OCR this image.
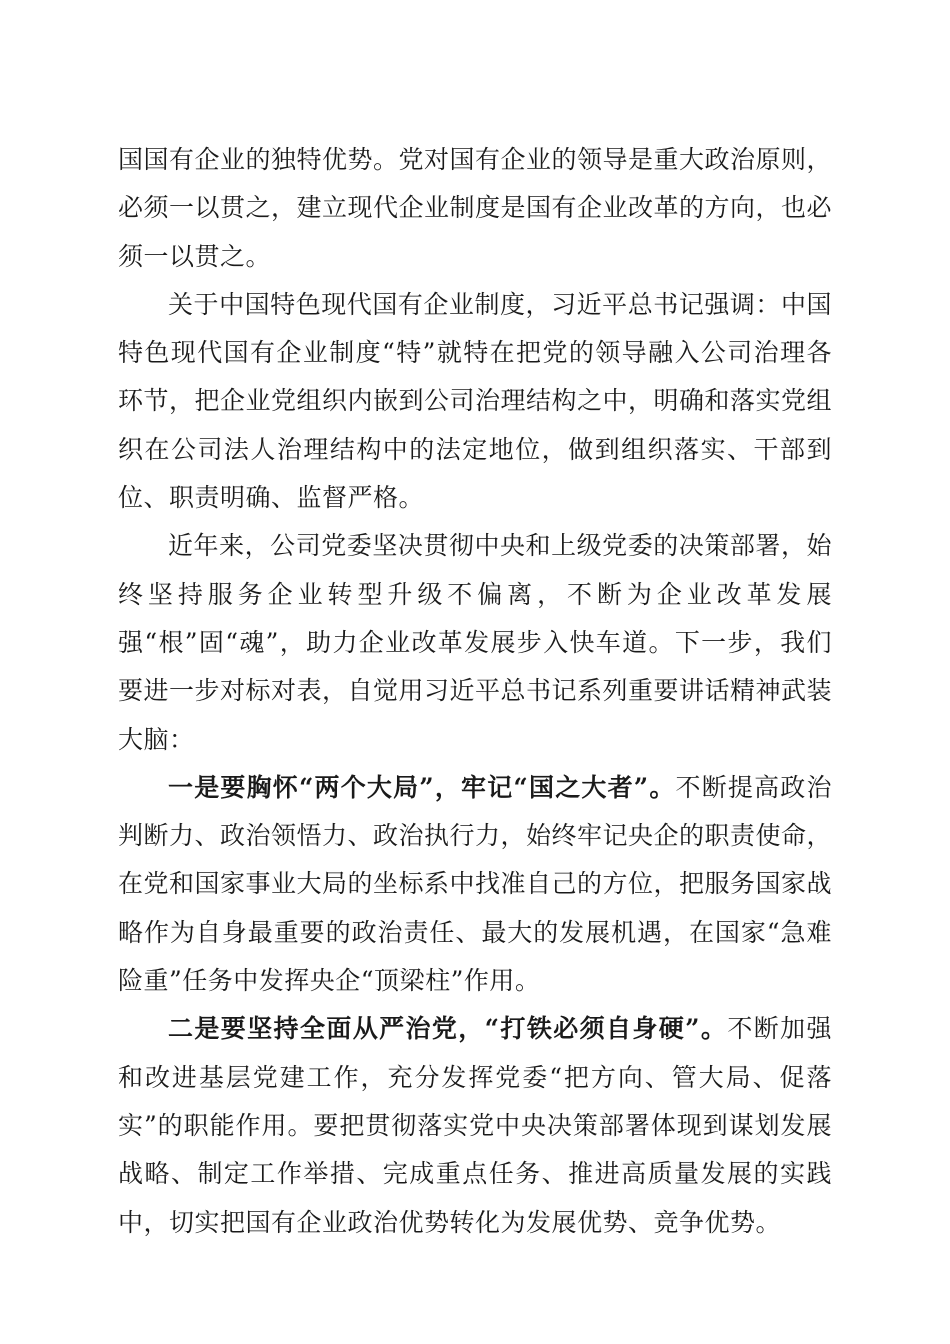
国国有企业的独特优势。党对国有企业的领导是重大政治原则，必须一以贯之，建立现代企业制度是国有企业改革的方向，也必须一以贯之。

关于中国特色现代国有企业制度，习近平总书记强调：中国特色现代国有企业制度“特”就特在把党的领导融入公司治理各环节，把企业党组织内嵌到公司治理结构之中，明确和落实党组织在公司法人治理结构中的法定地位，做到组织落实、干部到位、职责明确、监督严格。

近年来，公司党委坚决贯彻中央和上级党委的决策部署，始终坚持服务企业转型升级不偏离，不断为企业改革发展强“根”固“魂”，助力企业改革发展步入快车道。下一步，我们要进一步对标对表，自觉用习近平总书记系列重要讲话精神武装大脑：

一是要胸怀“两个大局”，牢记“国之大者”。不断提高政治判断力、政治领悟力、政治执行力，始终牢记央企的职责使命，在党和国家事业大局的坐标系中找准自己的方位，把服务国家战略作为自身最重要的政治责任、最大的发展机遇，在国家“急难险重”任务中发挥央企“顶梁柱”作用。

二是要坚持全面从严治党，“打铁必须自身硬”。不断加强和改进基层党建工作，充分发挥党委“把方向、管大局、促落实”的职能作用。要把贯彻落实党中央决策部署体现到谋划发展战略、制定工作举措、完成重点任务、推进高质量发展的实践中，切实把国有企业政治优势转化为发展优势、竞争优势。
